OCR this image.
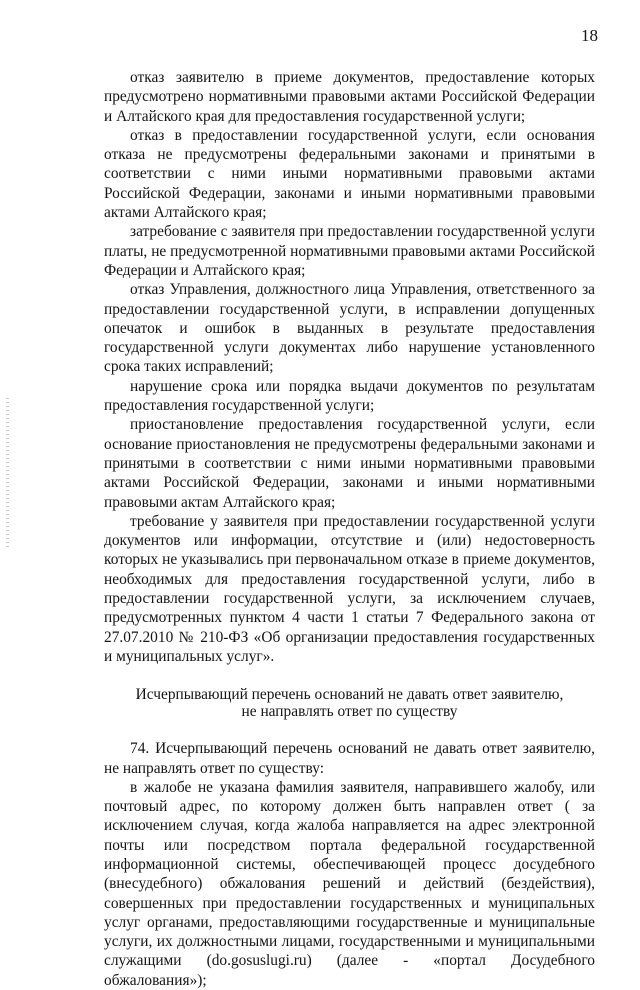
18

отказ заявителю в приеме документов, предоставление которых предусмотрено нормативными правовыми актами Российской Федерации и Алтайского края для предоставления государственной услуги;

отказ в предоставлении государственной услуги, если основания отказа не предусмотрены федеральными законами и принятыми в соответствии с ними иными нормативными правовыми актами Российской Федерации, законами и иными нормативными правовыми актами Алтайского края;

затребование с заявителя при предоставлении государственной услуги платы, не предусмотренной нормативными правовыми актами Российской Федерации и Алтайского края;

отказ Управления, должностного лица Управления, ответственного за предоставлении государственной услуги, в исправлении допущенных опечаток и ошибок в выданных в результате предоставления государственной услуги документах либо нарушение установленного срока таких исправлений;

нарушение срока или порядка выдачи документов по результатам предоставления государственной услуги;

приостановление предоставления государственной услуги, если основание приостановления не предусмотрены федеральными законами и принятыми в соответствии с ними иными нормативными правовыми актами Российской Федерации, законами и иными нормативными правовыми актам Алтайского края;

требование у заявителя при предоставлении государственной услуги документов или информации, отсутствие и (или) недостоверность которых не указывались при первоначальном отказе в приеме документов, необходимых для предоставления государственной услуги, либо в предоставлении государственной услуги, за исключением случаев, предусмотренных пунктом 4 части 1 статьи 7 Федерального закона от 27.07.2010 № 210-ФЗ «Об организации предоставления государственных и муниципальных услуг».

Исчерпывающий перечень оснований не давать ответ заявителю,
не направлять ответ по существу

74. Исчерпывающий перечень оснований не давать ответ заявителю, не направлять ответ по существу:

в жалобе не указана фамилия заявителя, направившего жалобу, или почтовый адрес, по которому должен быть направлен ответ ( за исключением случая, когда жалоба направляется на адрес электронной почты или посредством портала федеральной государственной информационной системы, обеспечивающей процесс досудебного (внесудебного) обжалования решений и действий (бездействия), совершенных при предоставлении государственных и муниципальных услуг органами, предоставляющими государственные и муниципальные услуги, их должностными лицами, государственными и муниципальными служащими (do.gosuslugi.ru) (далее - «портал Досудебного обжалования»);
